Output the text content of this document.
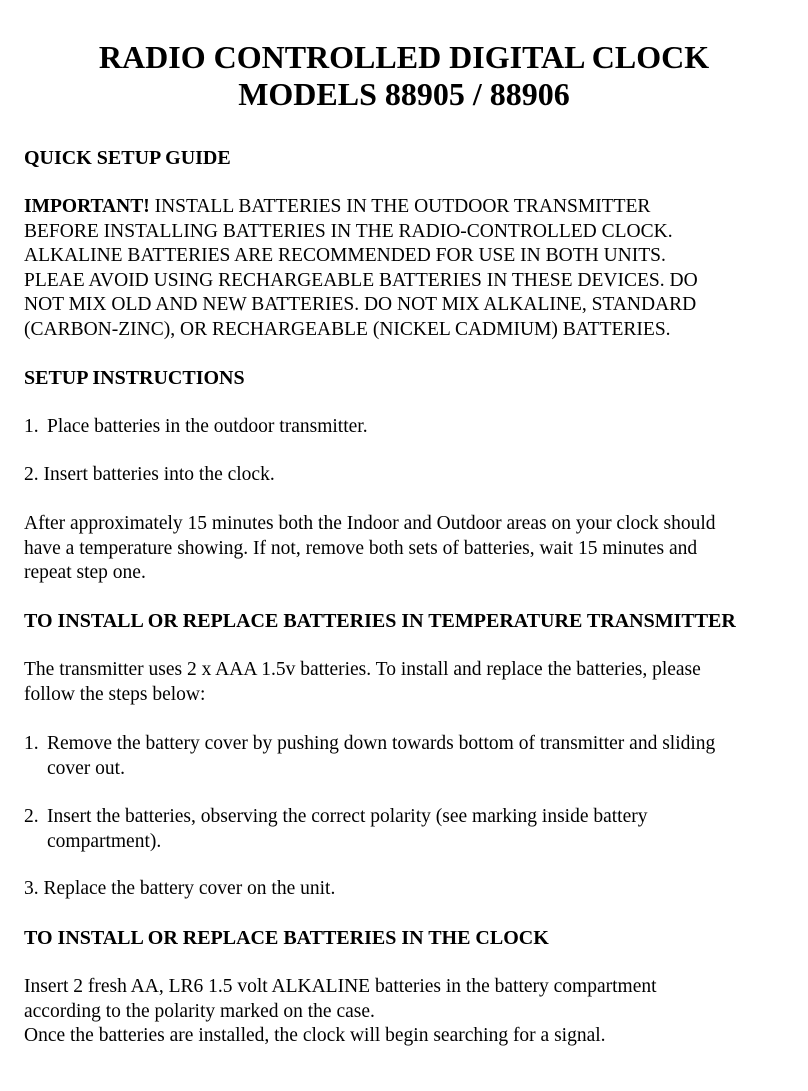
RADIO CONTROLLED DIGITAL CLOCK
MODELS 88905 / 88906
QUICK SETUP GUIDE
IMPORTANT! INSTALL BATTERIES IN THE OUTDOOR TRANSMITTER
BEFORE INSTALLING BATTERIES IN THE RADIO-CONTROLLED CLOCK.
ALKALINE BATTERIES ARE RECOMMENDED FOR USE IN BOTH UNITS.
PLEAE AVOID USING RECHARGEABLE BATTERIES IN THESE DEVICES. DO
NOT MIX OLD AND NEW BATTERIES. DO NOT MIX ALKALINE, STANDARD
(CARBON-ZINC), OR RECHARGEABLE (NICKEL CADMIUM) BATTERIES.
SETUP INSTRUCTIONS

1. Place batteries in the outdoor transmitter.

2. Insert batteries into the clock.

After approximately 15 minutes both the Indoor and Outdoor areas on your clock should
have a temperature showing. If not, remove both sets of batteries, wait 15 minutes and
repeat step one.
TO INSTALL OR REPLACE BATTERIES IN TEMPERATURE TRANSMITTER
The transmitter uses 2 x AAA 1.5v batteries. To install and replace the batteries, please
follow the steps below:
1. Remove the battery cover by pushing down towards bottom of transmitter and sliding
cover out.
2. Insert the batteries, observing the correct polarity (see marking inside battery
compartment).

3. Replace the battery cover on the unit.

TO INSTALL OR REPLACE BATTERIES IN THE CLOCK
Insert 2 fresh AA, LR6 1.5 volt ALKALINE batteries in the battery compartment
according to the polarity marked on the case.
Once the batteries are installed, the clock will begin searching for a signal.
